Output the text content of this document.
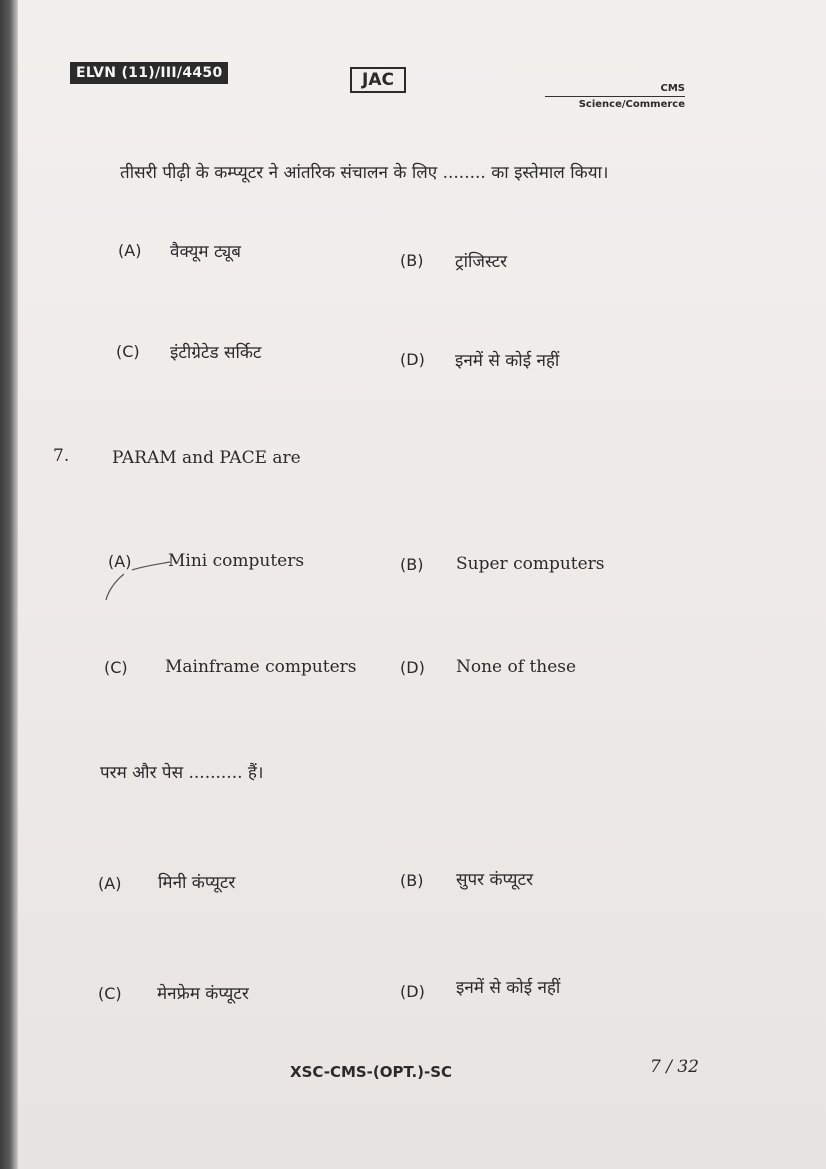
ELVN (11)/III/4450	JAC	CMS
Science/Commerce
तीसरी पीढ़ी के कम्प्यूटर ने आंतरिक संचालन के लिए ........ का इस्तेमाल किया।
(A) वैक्यूम ट्यूब	(B) ट्रांजिस्टर
(C) इंटीग्रेटेड सर्किट	(D) इनमें से कोई नहीं
7.	PARAM and PACE are
(A) Mini computers	(B) Super computers
(C) Mainframe computers	(D) None of these
परम और पेस .......... हैं।
(A) मिनी कंप्यूटर	(B) सुपर कंप्यूटर
(C) मेनफ्रेम कंप्यूटर	(D) इनमें से कोई नहीं
XSC-CMS-(OPT.)-SC	7 / 32
